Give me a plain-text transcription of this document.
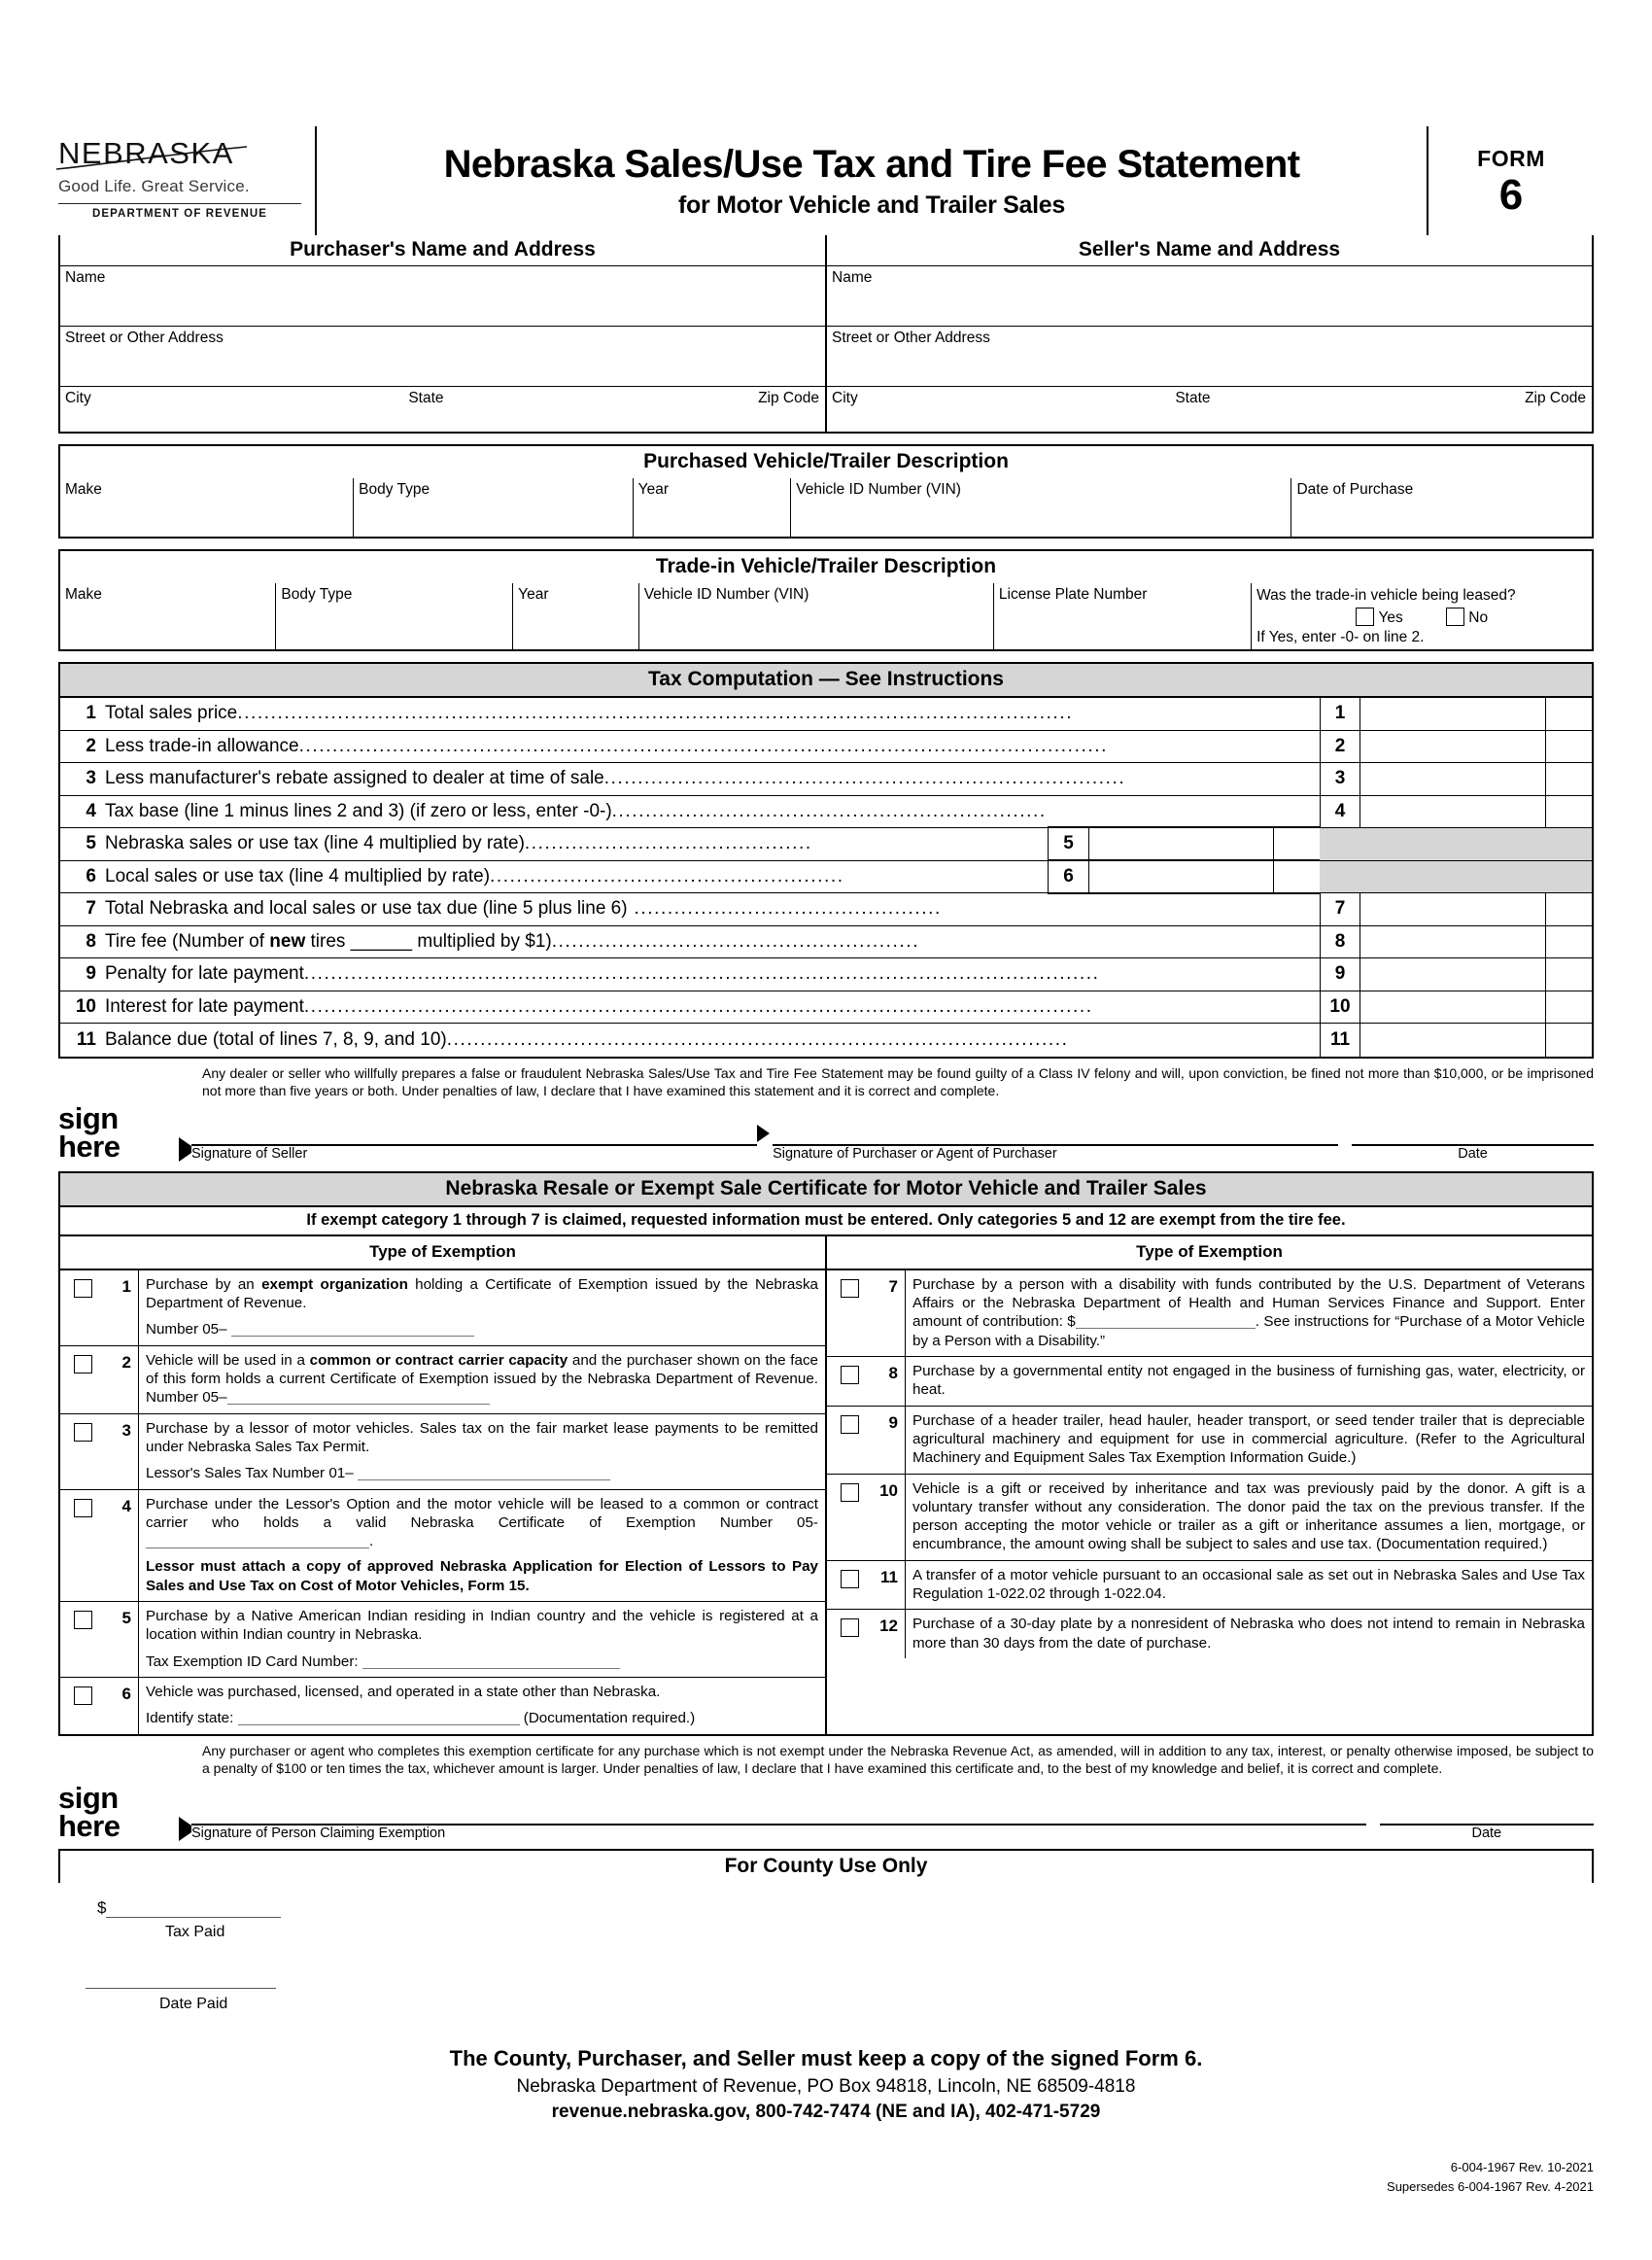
NEBRASKA
Good Life. Great Service.
DEPARTMENT OF REVENUE
Nebraska Sales/Use Tax and Tire Fee Statement
for Motor Vehicle and Trailer Sales
FORM
6
Purchaser's Name and Address
Name
Street or Other Address
City	State	Zip Code
Seller's Name and Address
Name
Street or Other Address
City	State	Zip Code
Purchased Vehicle/Trailer Description
Make	Body Type	Year	Vehicle ID Number (VIN)	Date of Purchase
Trade-in Vehicle/Trailer Description
Make	Body Type	Year	Vehicle ID Number (VIN)	License Plate Number	Was the trade-in vehicle being leased?
Yes	No
If Yes, enter -0- on line 2.
Tax Computation — See Instructions
1 Total sales price.............................................................................................................................	1
2 Less trade-in allowance.........................................................................................................................	2
3 Less manufacturer's rebate assigned to dealer at time of sale..............................................................................	3
4 Tax base (line 1 minus lines 2 and 3) (if zero or less, enter -0-).................................................................	4
5 Nebraska sales or use tax (line 4 multiplied by rate)...........................................	5
6 Local sales or use tax (line 4 multiplied by rate).....................................................	6
7 Total Nebraska and local sales or use tax due (line 5 plus line 6) ..............................................	7
8 Tire fee (Number of new tires ______ multiplied by $1).......................................................	8
9 Penalty for late payment.......................................................................................................................	9
10 Interest for late payment......................................................................................................................	10
11 Balance due (total of lines 7, 8, 9, and 10).............................................................................................	11
Any dealer or seller who willfully prepares a false or fraudulent Nebraska Sales/Use Tax and Tire Fee Statement may be found guilty of a Class IV felony and will, upon conviction, be fined not more than $10,000, or be imprisoned not more than five years or both. Under penalties of law, I declare that I have examined this statement and it is correct and complete.
sign
here	Signature of Seller	Signature of Purchaser or Agent of Purchaser	Date
Nebraska Resale or Exempt Sale Certificate for Motor Vehicle and Trailer Sales
If exempt category 1 through 7 is claimed, requested information must be entered. Only categories 5 and 12 are exempt from the tire fee.
Type of Exemption	Type of Exemption
1 Purchase by an exempt organization holding a Certificate of Exemption issued by the Nebraska Department of Revenue.
Number 05–
2 Vehicle will be used in a common or contract carrier capacity and the purchaser shown on the face of this form holds a current Certificate of Exemption issued by the Nebraska Department of Revenue. Number 05–
3 Purchase by a lessor of motor vehicles. Sales tax on the fair market lease payments to be remitted under Nebraska Sales Tax Permit.
Lessor's Sales Tax Number 01–
4 Purchase under the Lessor's Option and the motor vehicle will be leased to a common or contract carrier who holds a valid Nebraska Certificate of Exemption Number 05-.
Lessor must attach a copy of approved Nebraska Application for Election of Lessors to Pay Sales and Use Tax on Cost of Motor Vehicles, Form 15.
5 Purchase by a Native American Indian residing in Indian country and the vehicle is registered at a location within Indian country in Nebraska.
Tax Exemption ID Card Number:
6 Vehicle was purchased, licensed, and operated in a state other than Nebraska.
Identify state:	(Documentation required.)
7 Purchase by a person with a disability with funds contributed by the U.S. Department of Veterans Affairs or the Nebraska Department of Health and Human Services Finance and Support. Enter amount of contribution: $	. See instructions for “Purchase of a Motor Vehicle by a Person with a Disability.”
8 Purchase by a governmental entity not engaged in the business of furnishing gas, water, electricity, or heat.
9 Purchase of a header trailer, head hauler, header transport, or seed tender trailer that is depreciable agricultural machinery and equipment for use in commercial agriculture. (Refer to the Agricultural Machinery and Equipment Sales Tax Exemption Information Guide.)
10 Vehicle is a gift or received by inheritance and tax was previously paid by the donor. A gift is a voluntary transfer without any consideration. The donor paid the tax on the previous transfer. If the person accepting the motor vehicle or trailer as a gift or inheritance assumes a lien, mortgage, or encumbrance, the amount owing shall be subject to sales and use tax. (Documentation required.)
11 A transfer of a motor vehicle pursuant to an occasional sale as set out in Nebraska Sales and Use Tax Regulation 1-022.02 through 1-022.04.
12 Purchase of a 30-day plate by a nonresident of Nebraska who does not intend to remain in Nebraska more than 30 days from the date of purchase.
Any purchaser or agent who completes this exemption certificate for any purchase which is not exempt under the Nebraska Revenue Act, as amended, will in addition to any tax, interest, or penalty otherwise imposed, be subject to a penalty of $100 or ten times the tax, whichever amount is larger. Under penalties of law, I declare that I have examined this certificate and, to the best of my knowledge and belief, it is correct and complete.
sign
here	Signature of Person Claiming Exemption	Date
For County Use Only
$
Tax Paid
Date Paid
The County, Purchaser, and Seller must keep a copy of the signed Form 6.
Nebraska Department of Revenue, PO Box 94818, Lincoln, NE 68509-4818
revenue.nebraska.gov, 800-742-7474 (NE and IA), 402-471-5729
6-004-1967 Rev. 10-2021
Supersedes 6-004-1967 Rev. 4-2021
